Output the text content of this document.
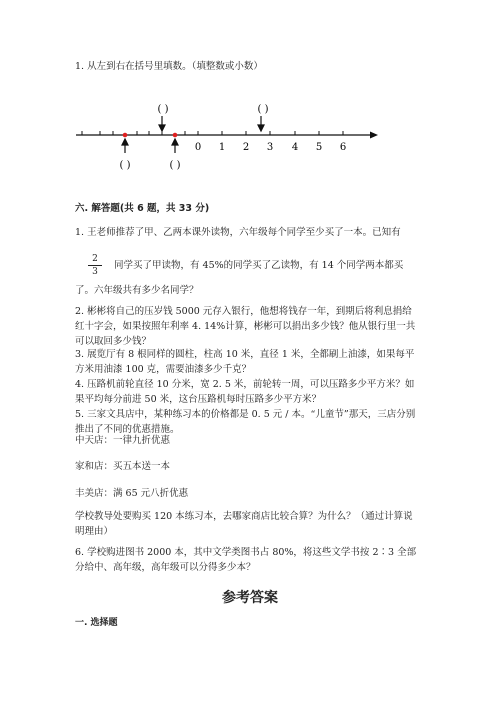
1. 从左到右在括号里填数。（填整数或小数）
0 1 2 3 4 5 6
( )	( )
( )	( )
六. 解答题(共 6 题，共 33 分)
1. 王老师推荐了甲、乙两本课外读物，六年级每个同学至少买了一本。已知有
2
3
同学买了甲读物，有 45%的同学买了乙读物，有 14 个同学两本都买
了。六年级共有多少名同学？
2. 彬彬将自己的压岁钱 5000 元存入银行，他想将钱存一年，到期后将利息捐给红十字会，如果按照年利率 4. 14%计算，彬彬可以捐出多少钱？他从银行里一共可以取回多少钱？
3. 展览厅有 8 根同样的圆柱，柱高 10 米，直径 1 米，全都刷上油漆，如果每平方米用油漆 100 克，需要油漆多少千克？
4. 压路机前轮直径 10 分米，宽 2. 5 米，前轮转一周，可以压路多少平方米？如果平均每分前进 50 米，这台压路机每时压路多少平方米？
5. 三家文具店中，某种练习本的价格都是 0. 5 元 / 本。“儿童节”那天，三店分别推出了不同的优惠措施。
中天店：一律九折优惠
家和店：买五本送一本
丰美店：满 65 元八折优惠
学校教导处要购买 120 本练习本，去哪家商店比较合算？为什么？（通过计算说明理由）
6. 学校购进图书 2000 本，其中文学类图书占 80%，将这些文学书按 2∶3 全部分给中、高年级，高年级可以分得多少本？
参考答案
一. 选择题
